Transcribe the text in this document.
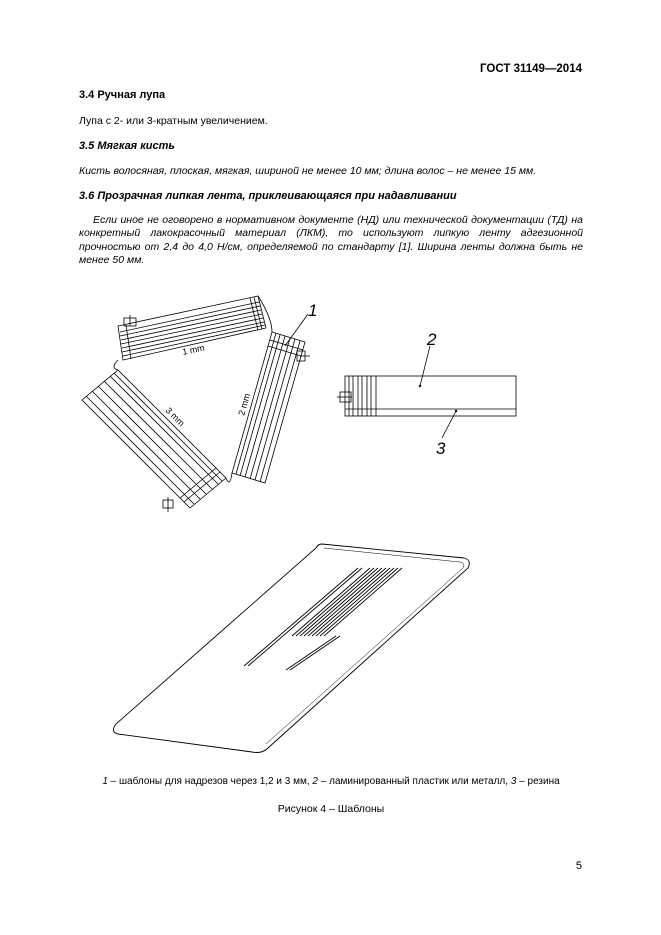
ГОСТ 31149—2014
3.4 Ручная лупа
Лупа с 2- или 3-кратным увеличением.
3.5 Мягкая кисть
Кисть волосяная, плоская, мягкая, шириной не менее 10 мм; длина волос – не менее 15 мм.
3.6 Прозрачная липкая лента, приклеивающаяся при надавливании
Если иное не оговорено в нормативном документе (НД) или технической документации (ТД) на конкретный лакокрасочный материал (ЛКМ), то используют липкую ленту адгезионной прочностью от 2,4 до 4,0 Н/см, определяемой по стандарту [1]. Ширина ленты должна быть не менее 50 мм.
1
1 mm
2 mm
3 mm
2
3
1 – шаблоны для надрезов через 1,2 и 3 мм, 2 – ламинированный пластик или металл, 3 – резина
Рисунок 4 – Шаблоны
5
